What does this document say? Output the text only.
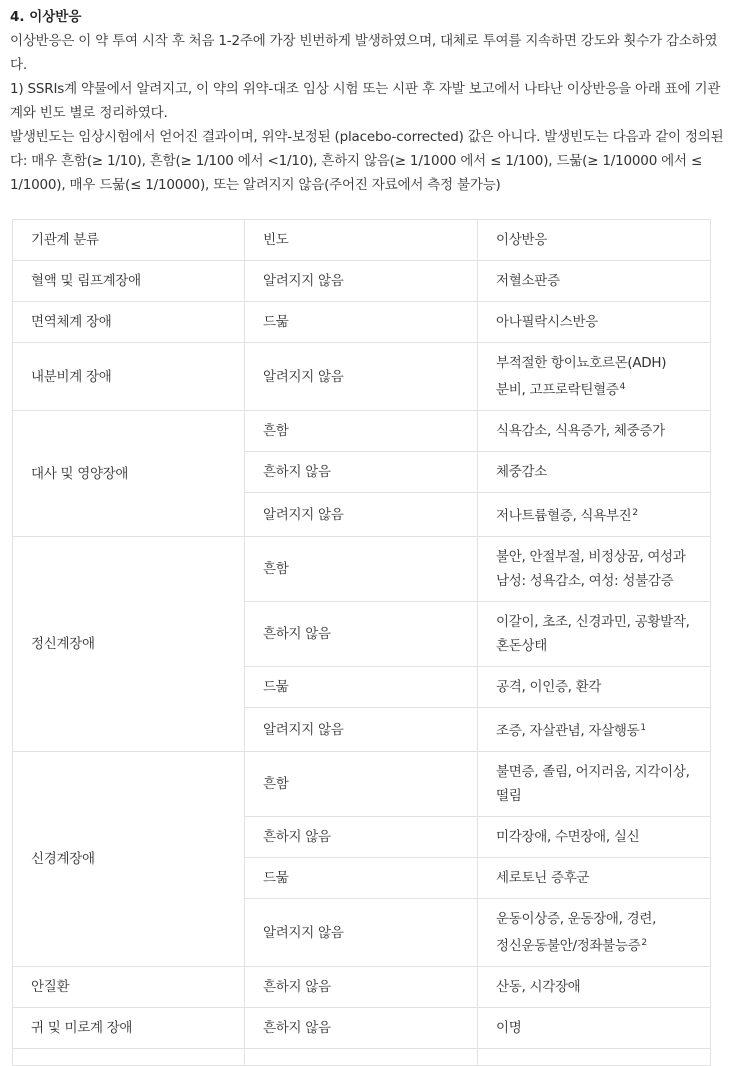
4. 이상반응

이상반응은 이 약 투여 시작 후 처음 1-2주에 가장 빈번하게 발생하였으며, 대체로 투여를 지속하면 강도와 횟수가 감소하였다.

1) SSRIs계 약물에서 알려지고, 이 약의 위약-대조 임상 시험 또는 시판 후 자발 보고에서 나타난 이상반응을 아래 표에 기관계와 빈도 별로 정리하였다.

발생빈도는 임상시험에서 얻어진 결과이며, 위약-보정된 (placebo-corrected) 값은 아니다. 발생빈도는 다음과 같이 정의된다: 매우 흔함(≥ 1/10), 흔함(≥ 1/100 에서 <1/10), 흔하지 않음(≥ 1/1000 에서 ≤ 1/100), 드묾(≥ 1/10000 에서 ≤ 1/1000), 매우 드묾(≤ 1/10000), 또는 알려지지 않음(주어진 자료에서 측정 불가능)

기관계 분류	빈도	이상반응
혈액 및 림프계장애	알려지지 않음	저혈소판증
면역체계 장애	드묾	아나필락시스반응
내분비계 장애	알려지지 않음	부적절한 항이뇨호르몬(ADH) 분비, 고프로락틴혈증$^4$
대사 및 영양장애	흔함	식욕감소, 식욕증가, 체중증가
	흔하지 않음	체중감소
	알려지지 않음	저나트륨혈증, 식욕부진$^2$
정신계장애	흔함	불안, 안절부절, 비정상꿈, 여성과 남성: 성욕감소, 여성: 성불감증
	흔하지 않음	이갈이, 초조, 신경과민, 공황발작, 혼돈상태
	드묾	공격, 이인증, 환각
	알려지지 않음	조증, 자살관념, 자살행동$^1$
신경계장애	흔함	불면증, 졸림, 어지러움, 지각이상, 떨림
	흔하지 않음	미각장애, 수면장애, 실신
	드묾	세로토닌 증후군
	알려지지 않음	운동이상증, 운동장애, 경련, 정신운동불안/정좌불능증$^2$
안질환	흔하지 않음	산동, 시각장애
귀 및 미로계 장애	흔하지 않음	이명
